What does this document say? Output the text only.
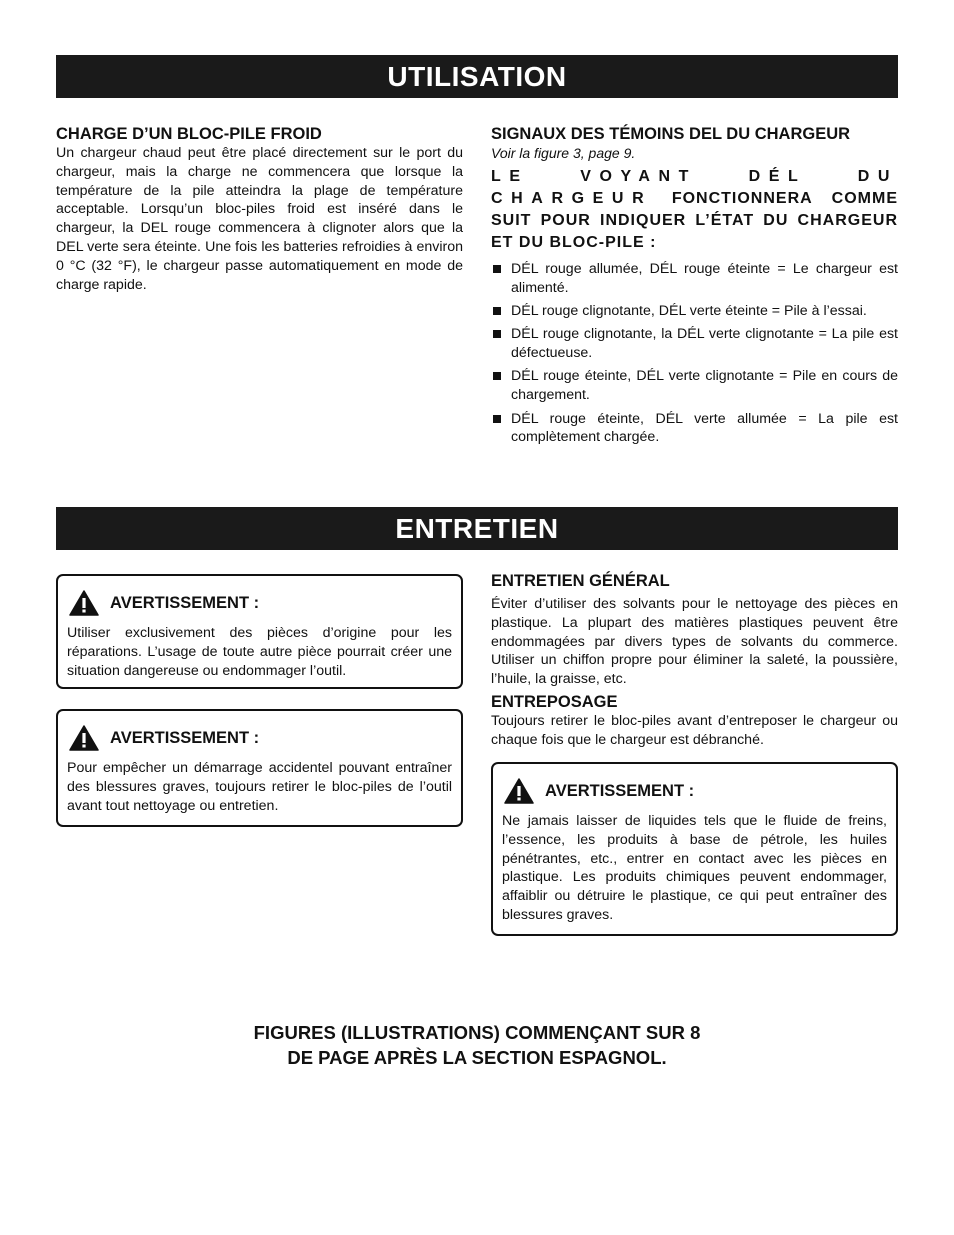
UTILISATION

CHARGE D’UN BLOC-PILE FROID

Un chargeur chaud peut être placé directement sur le port du chargeur, mais la charge ne commencera que lorsque la température de la pile atteindra la plage de température acceptable. Lorsqu’un bloc-piles froid est inséré dans le chargeur, la DEL rouge commencera à clignoter alors que la DEL verte sera éteinte. Une fois les batteries refroidies à environ 0 °C (32 °F), le chargeur passe automatiquement en mode de charge rapide.

SIGNAUX DES TÉMOINS DEL DU CHARGEUR

Voir la figure 3, page 9.

LE VOYANT DÉL DU CHARGEUR FONCTIONNERA COMME SUIT POUR INDIQUER L’ÉTAT DU CHARGEUR ET DU BLOC-PILE :

DÉL rouge allumée, DÉL rouge éteinte = Le chargeur est alimenté.
DÉL rouge clignotante, DÉL verte éteinte = Pile à l’essai.
DÉL rouge clignotante, la DÉL verte clignotante = La pile est défectueuse.
DÉL rouge éteinte, DÉL verte clignotante = Pile en cours de chargement.
DÉL rouge éteinte, DÉL verte allumée = La pile est complètement chargée.
ENTRETIEN
AVERTISSEMENT :

Utiliser exclusivement des pièces d’origine pour les réparations. L’usage de toute autre pièce pourrait créer une situation dangereuse ou endommager l’outil.

AVERTISSEMENT :

Pour empêcher un démarrage accidentel pouvant entraîner des blessures graves, toujours retirer le bloc-piles de l’outil avant tout nettoyage ou entretien.

ENTRETIEN GÉNÉRAL

Éviter d’utiliser des solvants pour le nettoyage des pièces en plastique. La plupart des matières plastiques peuvent être endommagées par divers types de solvants du commerce. Utiliser un chiffon propre pour éliminer la saleté, la poussière, l’huile, la graisse, etc.

ENTREPOSAGE

Toujours retirer le bloc-piles avant d’entreposer le chargeur ou chaque fois que le chargeur est débranché.

AVERTISSEMENT :

Ne jamais laisser de liquides tels que le fluide de freins, l’essence, les produits à base de pétrole, les huiles pénétrantes, etc., entrer en contact avec les pièces en plastique. Les produits chimiques peuvent endommager, affaiblir ou détruire le plastique, ce qui peut entraîner des blessures graves.

FIGURES (ILLUSTRATIONS) COMMENÇANT SUR 8
DE PAGE APRÈS LA SECTION ESPAGNOL.
